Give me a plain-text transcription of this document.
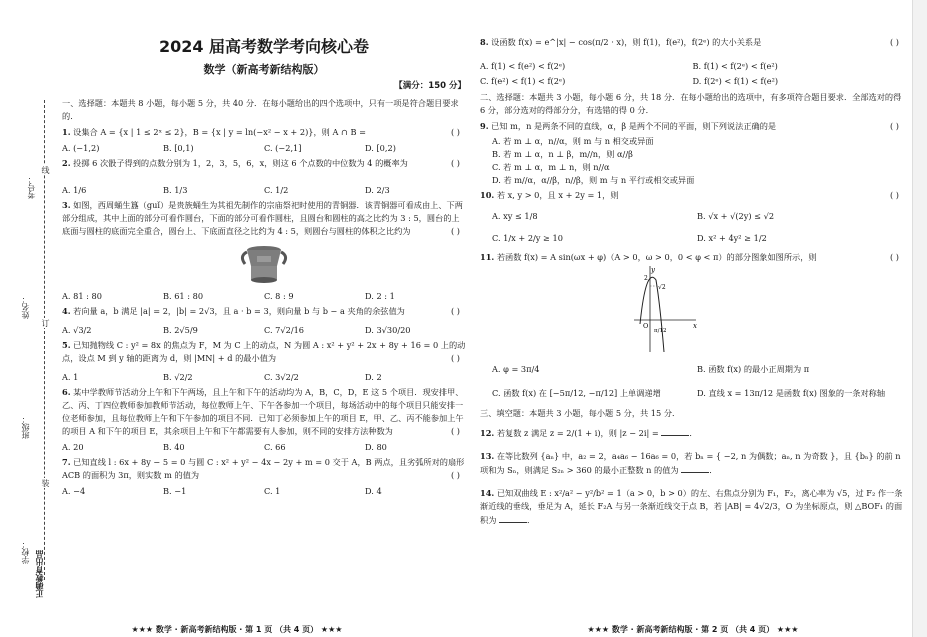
考号：
姓名：
班级：
学校： 正确教育出品
线
订
装
2024 届高考数学考向核心卷
数学（新高考新结构版）
【满分：150 分】
一、选择题：本题共 8 小题，每小题 5 分，共 40 分．在每小题给出的四个选项中，只有一项是符合题目要求的．
1. 设集合 A = {x | 1 ≤ 2ˣ ≤ 2}，B = {x | y = ln(−x² − x + 2)}，则 A ∩ B =	( )
A. (−1,2)	B. [0,1)	C. (−2,1]	D. [0,2)
2. 投掷 6 次骰子得到的点数分别为 1，2，3，5，6，x，则这 6 个点数的中位数为 4 的概率为	( )
A. 1/6	B. 1/3	C. 1/2	D. 2/3
3. 如图，西周蛹生簋（guǐ）是贵族蛹生为其祖先制作的宗庙祭祀时使用的青铜器．该青铜器可看成由上、下两部分组成，其中上面的部分可看作圆台，下面的部分可看作圆柱，且圆台和圆柱的高之比约为 3 : 5，圆台的上底面与圆柱的底面完全重合，圆台上、下底面直径之比约为 4 : 5，则圆台与圆柱的体积之比约为	( )
A. 81 : 80	B. 61 : 80	C. 8 : 9	D. 2 : 1
4. 若向量 a，b 满足 |a| = 2，|b| = 2√3，且 a · b = 3，则向量 b 与 b − a 夹角的余弦值为	( )
A. √3/2	B. 2√5/9	C. 7√2/16	D. 3√30/20
5. 已知抛物线 C : y² = 8x 的焦点为 F，M 为 C 上的动点，N 为圆 A : x² + y² + 2x + 8y + 16 = 0 上的动点，设点 M 到 y 轴的距离为 d，则 |MN| + d 的最小值为	( )
A. 1	B. √2/2	C. 3√2/2	D. 2
6. 某中学教师节活动分上午和下午两场，且上午和下午的活动均为 A，B，C，D，E 这 5 个项目．现安排甲、乙、丙、丁四位教师参加教师节活动，每位教师上午、下午各参加一个项目，每场活动中的每个项目只能安排一位老师参加，且每位教师上午和下午参加的项目不同．已知丁必须参加上午的项目 E，甲、乙、丙不能参加上午的项目 A 和下午的项目 E，其余项目上午和下午都需要有人参加，则不同的安排方法种数为	( )
A. 20	B. 40	C. 66	D. 80
7. 已知直线 l : 6x + 8y − 5 = 0 与圆 C : x² + y² − 4x − 2y + m = 0 交于 A，B 两点，且劣弧所对的扇形 ACB 的面积为 3π，则实数 m 的值为	( )
A. −4	B. −1	C. 1	D. 4
★★★ 数学 · 新高考新结构版 · 第 1 页 （共 4 页） ★★★
8. 设函数 f(x) = e^|x| − cos(π/2 · x)，则 f(1)，f(e²)，f(2ᵉ) 的大小关系是	( )
A. f(1) < f(e²) < f(2ᵉ)	B. f(1) < f(2ᵉ) < f(e²)
C. f(e²) < f(1) < f(2ᵉ)	D. f(2ᵉ) < f(1) < f(e²)
二、选择题：本题共 3 小题，每小题 6 分，共 18 分．在每小题给出的选项中，有多项符合题目要求．全部选对的得 6 分，部分选对的得部分分，有选错的得 0 分．
9. 已知 m，n 是两条不同的直线，α，β 是两个不同的平面，则下列说法正确的是	( )
A. 若 m ⊥ α，n//α，则 m 与 n 相交或异面
B. 若 m ⊥ α，n ⊥ β，m//n，则 α//β
C. 若 m ⊥ α，m ⊥ n，则 n//α
D. 若 m//α，α//β，n//β，则 m 与 n 平行或相交或异面
10. 若 x, y > 0，且 x + 2y = 1，则	( )
A. xy ≤ 1/8	B. √x + √(2y) ≤ √2
C. 1/x + 2/y ≥ 10	D. x² + 4y² ≥ 1/2
11. 若函数 f(x) = A sin(ωx + φ)（A > 0，ω > 0，0 < φ < π）的部分图象如图所示，则	( )
y
x
O
2
√2
π/12
A. φ = 3π/4	B. 函数 f(x) 的最小正周期为 π
C. 函数 f(x) 在 [−5π/12, −π/12] 上单调递增	D. 直线 x = 13π/12 是函数 f(x) 图象的一条对称轴
三、填空题：本题共 3 小题，每小题 5 分，共 15 分．
12. 若复数 z 满足 z = 2/(1 + i)，则 |z − 2i| =	．
13. 在等比数列 {aₙ} 中，a₂ = 2，a₄a₆ − 16a₆ = 0，若 bₙ = { −2, n 为偶数；aₙ, n 为奇数 }，且 {bₙ} 的前 n 项和为 Sₙ，则满足 S₂ₙ > 360 的最小正整数 n 的值为	．
14. 已知双曲线 E : x²/a² − y²/b² = 1（a > 0，b > 0）的左、右焦点分别为 F₁，F₂，离心率为 √5，过 F₂ 作一条渐近线的垂线，垂足为 A，延长 F₂A 与另一条渐近线交于点 B，若 |AB| = 4√2/3，O 为坐标原点，则 △BOF₁ 的面积为	．
★★★ 数学 · 新高考新结构版 · 第 2 页 （共 4 页） ★★★
